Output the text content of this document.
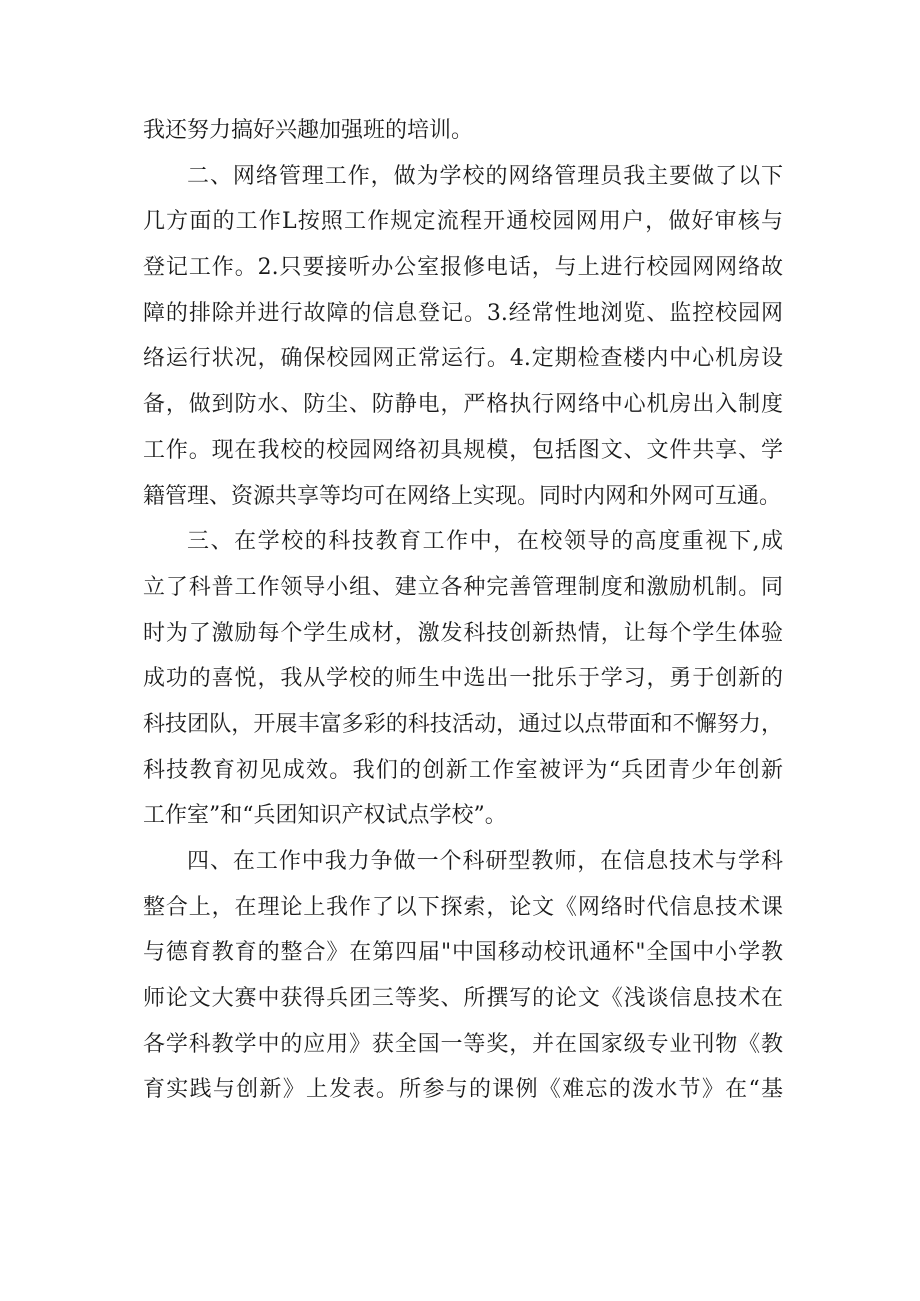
我还努力搞好兴趣加强班的培训。
二、网络管理工作，做为学校的网络管理员我主要做了以下
几方面的工作L按照工作规定流程开通校园网用户，做好审核与
登记工作。2.只要接听办公室报修电话，与上进行校园网网络故
障的排除并进行故障的信息登记。3.经常性地浏览、监控校园网
络运行状况，确保校园网正常运行。4.定期检查楼内中心机房设
备，做到防水、防尘、防静电，严格执行网络中心机房出入制度
工作。现在我校的校园网络初具规模，包括图文、文件共享、学
籍管理、资源共享等均可在网络上实现。同时内网和外网可互通。
三、在学校的科技教育工作中，在校领导的高度重视下,成
立了科普工作领导小组、建立各种完善管理制度和激励机制。同
时为了激励每个学生成材，激发科技创新热情，让每个学生体验
成功的喜悦，我从学校的师生中选出一批乐于学习，勇于创新的
科技团队，开展丰富多彩的科技活动，通过以点带面和不懈努力，
科技教育初见成效。我们的创新工作室被评为“兵团青少年创新
工作室”和“兵团知识产权试点学校”。
四、在工作中我力争做一个科研型教师，在信息技术与学科
整合上，在理论上我作了以下探索，论文《网络时代信息技术课
与德育教育的整合》在第四届"中国移动校讯通杯"全国中小学教
师论文大赛中获得兵团三等奖、所撰写的论文《浅谈信息技术在
各学科教学中的应用》获全国一等奖，并在国家级专业刊物《教
育实践与创新》上发表。所参与的课例《难忘的泼水节》在“基
